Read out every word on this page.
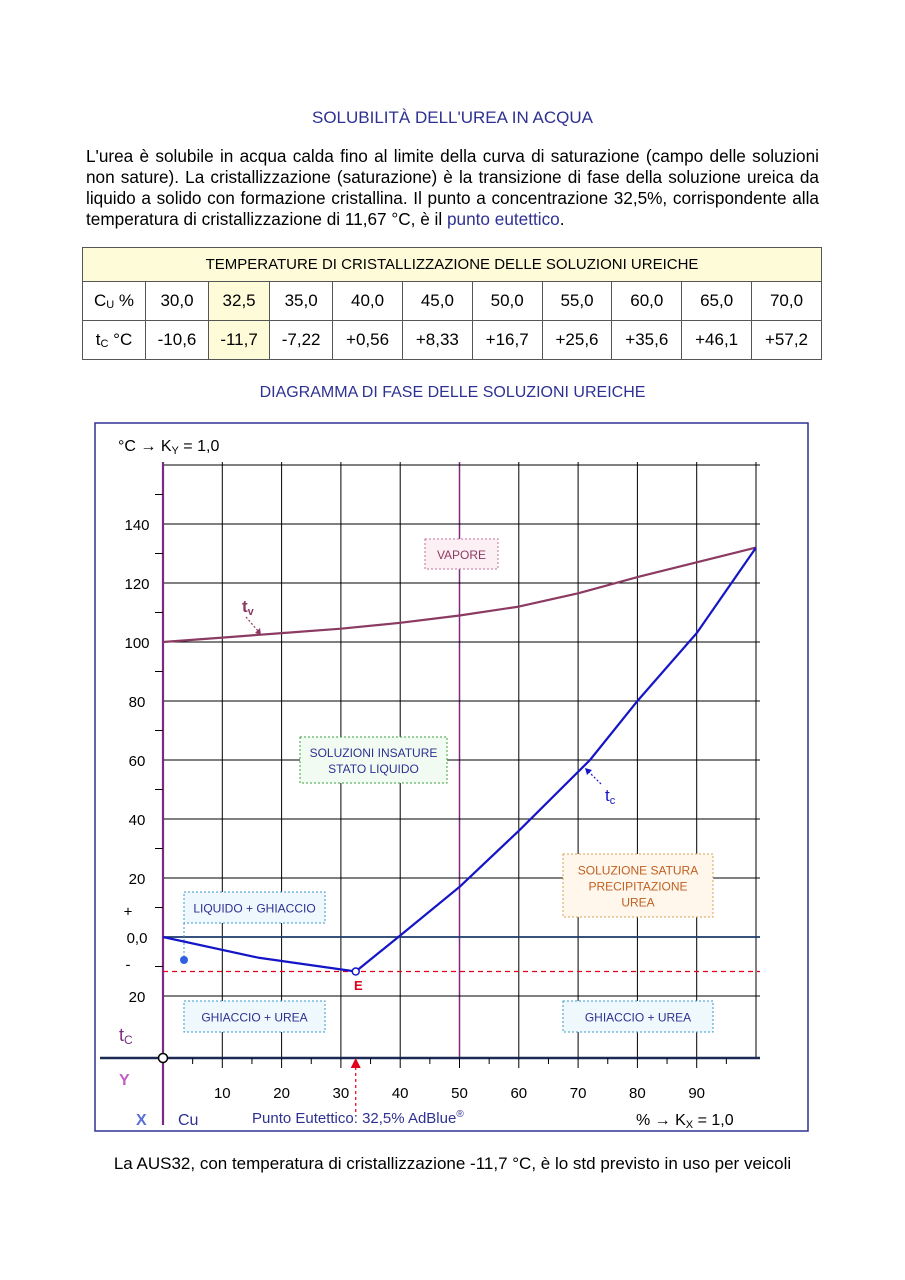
SOLUBILITÀ DELL'UREA IN ACQUA
L'urea è solubile in acqua calda fino al limite della curva di saturazione (campo delle soluzioni non sature). La cristallizzazione (saturazione) è la transizione di fase della soluzione ureica da liquido a solido con formazione cristallina. Il punto a concentrazione 32,5%, corrispondente alla temperatura di cristallizzazione di 11,67 °C, è il punto eutettico.
TEMPERATURE DI CRISTALLIZZAZIONE DELLE SOLUZIONI UREICHE										
$C_U$ %	30,0	32,5	35,0	40,0	45,0	50,0	55,0	60,0	65,0	70,0
$t_C$ °C	-10,6	-11,7	-7,22	+0,56	+8,33	+16,7	+25,6	+35,6	+46,1	+57,2
DIAGRAMMA DI FASE DELLE SOLUZIONI UREICHE
VAPORE
SOLUZIONI INSATURE
STATO LIQUIDO
SOLUZIONE SATURA
PRECIPITAZIONE
UREA
LIQUIDO + GHIACCIO
GHIACCIO + UREA	GHIACCIO + UREA
°C → KY = 1,0
% → KX = 1,0
X
Y
tC
Cu	Punto Eutettico: 32,5% AdBlue®
E
tv
tc
10	20	30	40	50	60	70	80	90
140
120
100
80
60
40
20
+
0,0
-
20
La AUS32, con temperatura di cristallizzazione -11,7 °C, è lo std previsto in uso per veicoli
